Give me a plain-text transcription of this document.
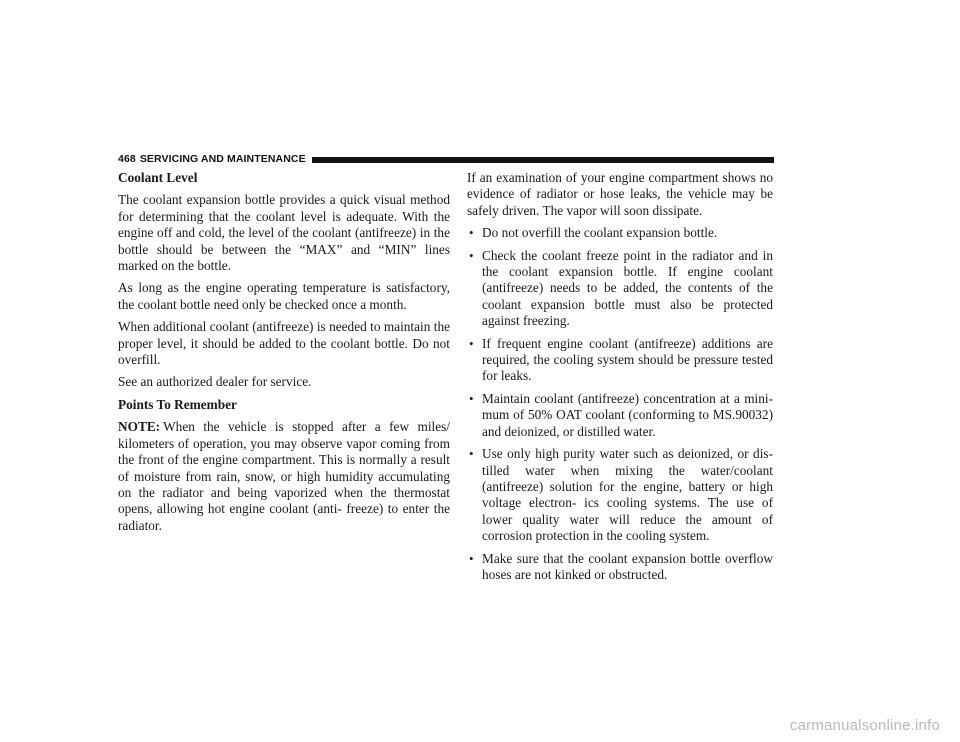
468 SERVICING AND MAINTENANCE
Coolant Level

The coolant expansion bottle provides a quick visual method for determining that the coolant level is adequate. With the engine off and cold, the level of the coolant (antifreeze) in the bottle should be between the “MAX” and “MIN” lines marked on the bottle.

As long as the engine operating temperature is satisfactory, the coolant bottle need only be checked once a month.

When additional coolant (antifreeze) is needed to maintain the proper level, it should be added to the coolant bottle. Do not overfill.

See an authorized dealer for service.

Points To Remember

NOTE: When the vehicle is stopped after a few miles/ kilometers of operation, you may observe vapor coming from the front of the engine compartment. This is normally a result of moisture from rain, snow, or high humidity accumulating on the radiator and being vaporized when the thermostat opens, allowing hot engine coolant (anti- freeze) to enter the radiator.

If an examination of your engine compartment shows no evidence of radiator or hose leaks, the vehicle may be safely driven. The vapor will soon dissipate.

• Do not overfill the coolant expansion bottle.
• Check the coolant freeze point in the radiator and in the coolant expansion bottle. If engine coolant (antifreeze) needs to be added, the contents of the coolant expansion bottle must also be protected against freezing.
• If frequent engine coolant (antifreeze) additions are required, the cooling system should be pressure tested for leaks.
• Maintain coolant (antifreeze) concentration at a mini- mum of 50% OAT coolant (conforming to MS.90032) and deionized, or distilled water.
• Use only high purity water such as deionized, or dis- tilled water when mixing the water/coolant (antifreeze) solution for the engine, battery or high voltage electron- ics cooling systems. The use of lower quality water will reduce the amount of corrosion protection in the cooling system.
• Make sure that the coolant expansion bottle overflow hoses are not kinked or obstructed.
carmanualsonline.info
